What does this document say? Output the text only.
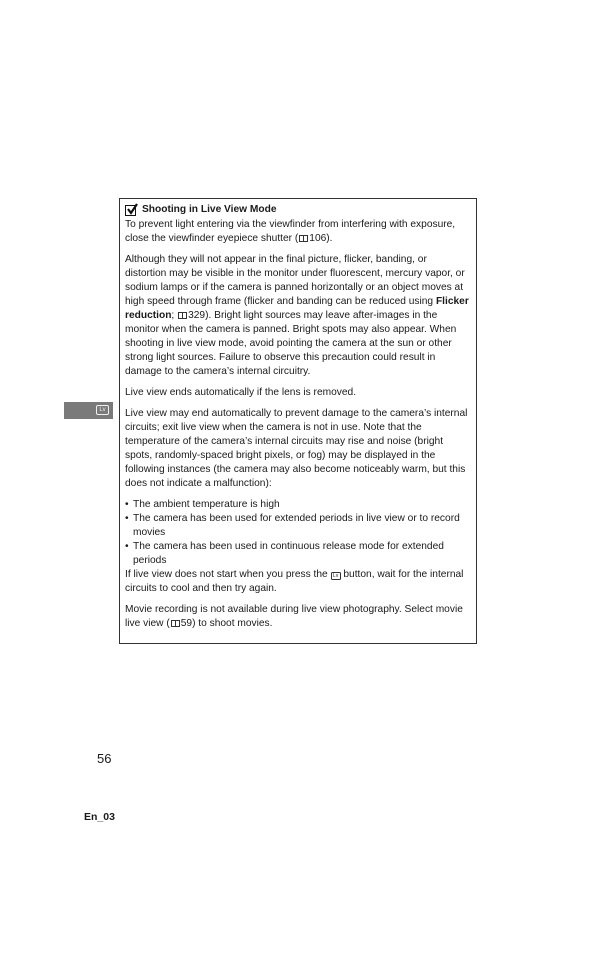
Lv
Shooting in Live View Mode

To prevent light entering via the viewfinder from interfering with exposure, close the viewfinder eyepiece shutter ( 106).

Although they will not appear in the final picture, flicker, banding, or distortion may be visible in the monitor under fluorescent, mercury vapor, or sodium lamps or if the camera is panned horizontally or an object moves at high speed through frame (flicker and banding can be reduced using Flicker reduction; 329). Bright light sources may leave after-images in the monitor when the camera is panned. Bright spots may also appear. When shooting in live view mode, avoid pointing the camera at the sun or other strong light sources. Failure to observe this precaution could result in damage to the camera’s internal circuitry.

Live view ends automatically if the lens is removed.

Live view may end automatically to prevent damage to the camera’s internal circuits; exit live view when the camera is not in use. Note that the temperature of the camera’s internal circuits may rise and noise (bright spots, randomly-spaced bright pixels, or fog) may be displayed in the following instances (the camera may also become noticeably warm, but this does not indicate a malfunction):

• The ambient temperature is high
• The camera has been used for extended periods in live view or to record movies
• The camera has been used in continuous release mode for extended periods
If live view does not start when you press the Lv button, wait for the internal circuits to cool and then try again.

Movie recording is not available during live view photography. Select movie live view ( 59) to shoot movies.

56
En_03
